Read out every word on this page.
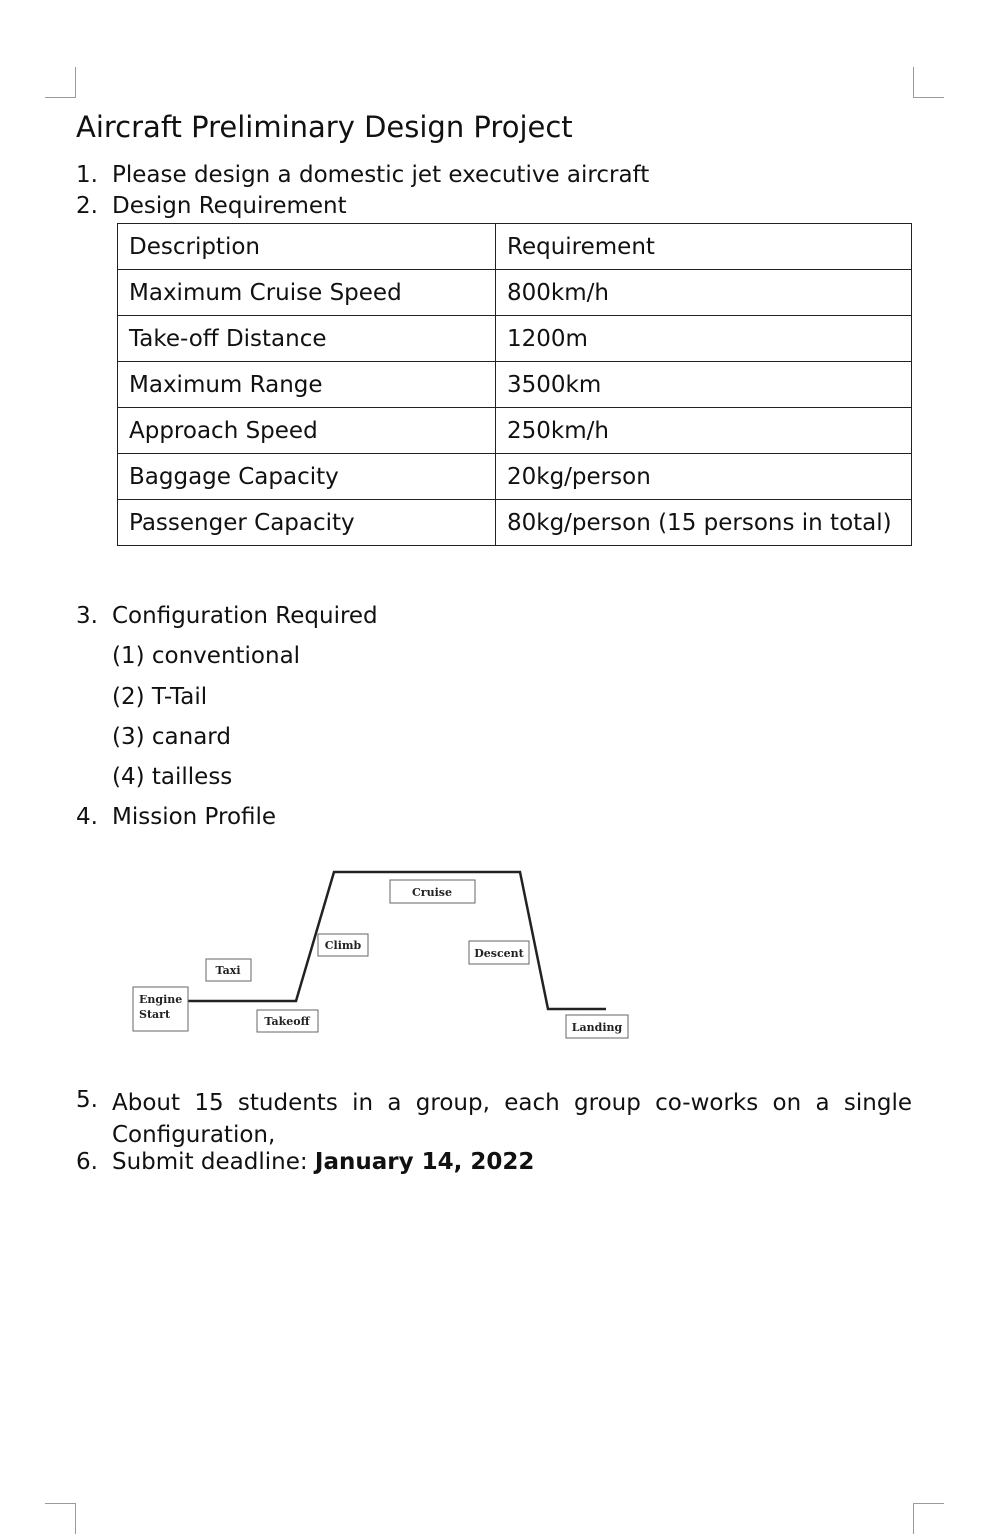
Aircraft Preliminary Design Project
1. Please design a domestic jet executive aircraft
2. Design Requirement
Description	Requirement
Maximum Cruise Speed	800km/h
Take-off Distance	1200m
Maximum Range	3500km
Approach Speed	250km/h
Baggage Capacity	20kg/person
Passenger Capacity	80kg/person (15 persons in total)
3. Configuration Required
(1) conventional
(2) T-Tail
(3) canard
(4) tailless
4. Mission Profile
Engine
Start
Taxi
Takeoff
Climb
Cruise
Descent
Landing
5. About 15 students in a group, each group co-works on a single Configuration,
6. Submit deadline: January 14, 2022
